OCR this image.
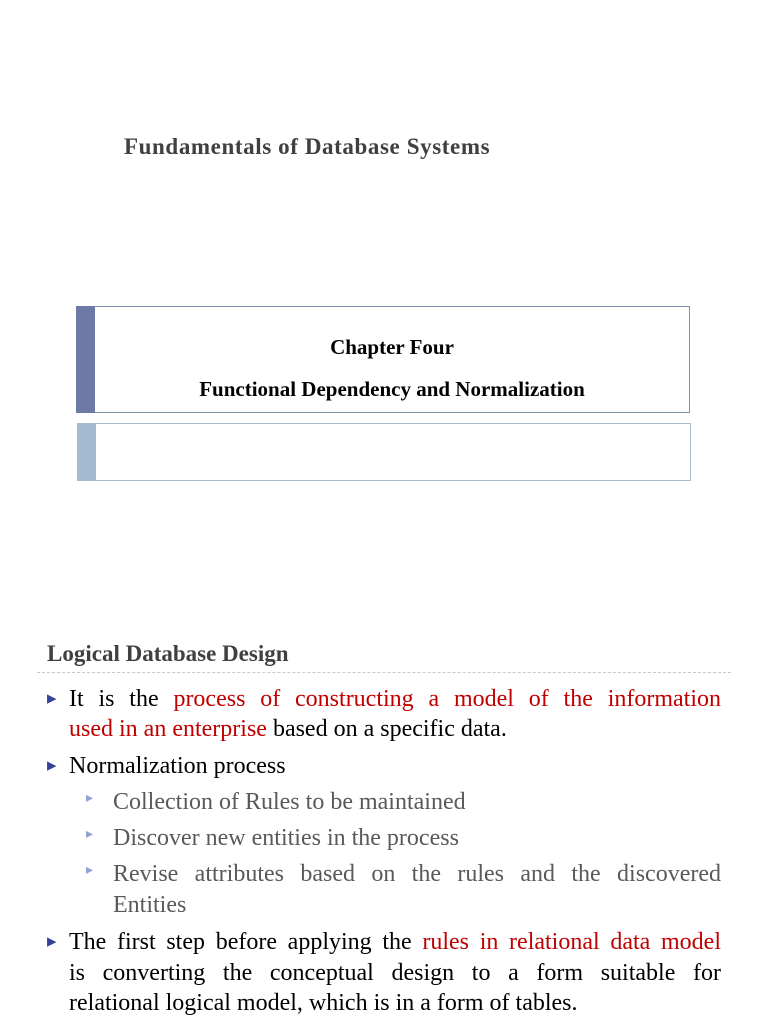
Fundamentals of Database Systems
Chapter Four
Functional Dependency and Normalization
Logical Database Design
▸ It is the process of constructing a model of the information
used in an enterprise based on a specific data.
▸ Normalization process
▸ Collection of Rules to be maintained
▸ Discover new entities in the process
▸ Revise attributes based on the rules and the discovered
Entities
▸ The first step before applying the rules in relational data model
is converting the conceptual design to a form suitable for
relational logical model, which is in a form of tables.
